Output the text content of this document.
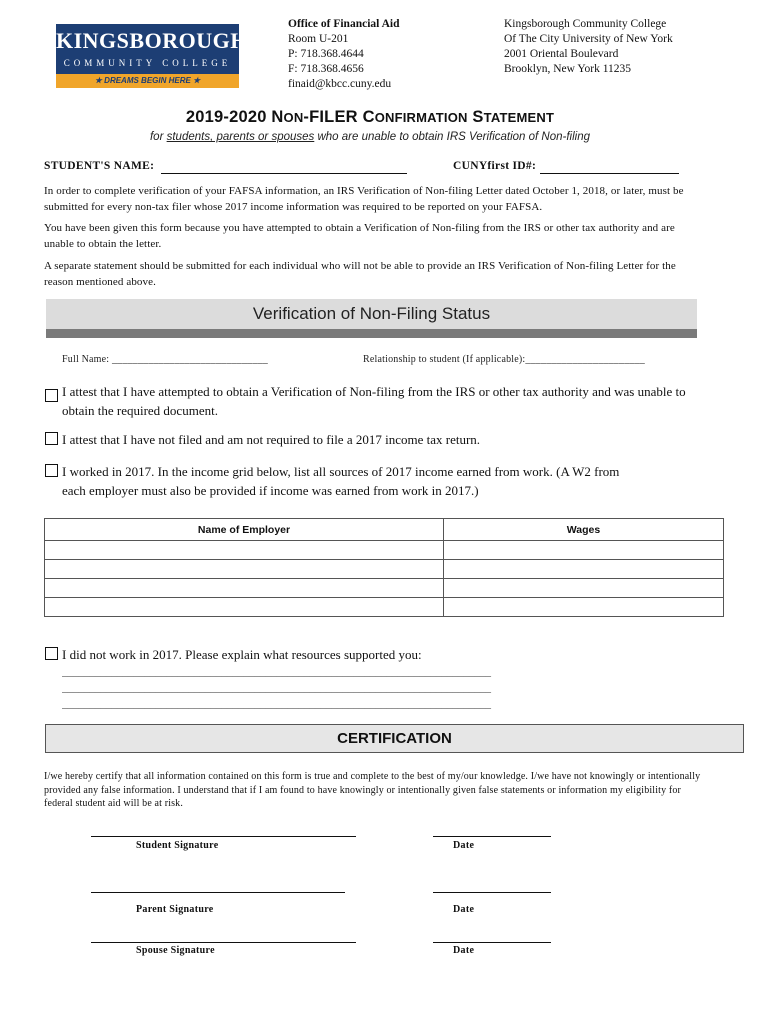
KINGSBOROUGH
COMMUNITY COLLEGE
★ DREAMS BEGIN HERE ★
Office of Financial Aid
Room U-201
P: 718.368.4644
F: 718.368.4656
finaid@kbcc.cuny.edu
Kingsborough Community College
Of The City University of New York
2001 Oriental Boulevard
Brooklyn, New York 11235
2019-2020 NON-FILER CONFIRMATION STATEMENT
for students, parents or spouses who are unable to obtain IRS Verification of Non-filing
STUDENT'S NAME:	CUNYfirst ID#:
In order to complete verification of your FAFSA information, an IRS Verification of Non-filing Letter dated October 1, 2018, or later, must be submitted for every non-tax filer whose 2017 income information was required to be reported on your FAFSA.
You have been given this form because you have attempted to obtain a Verification of Non-filing from the IRS or other tax authority and are unable to obtain the letter.
A separate statement should be submitted for each individual who will not be able to provide an IRS Verification of Non-filing Letter for the reason mentioned above.
Verification of Non-Filing Status
Full Name: ______________________________	Relationship to student (If applicable):_______________________
I attest that I have attempted to obtain a Verification of Non-filing from the IRS or other tax authority and was unable to obtain the required document.
I attest that I have not filed and am not required to file a 2017 income tax return.
I worked in 2017. In the income grid below, list all sources of 2017 income earned from work. (A W2 from each employer must also be provided if income was earned from work in 2017.)
Name of Employer	Wages

I did not work in 2017. Please explain what resources supported you:
______________________________________________________________________________
______________________________________________________________________________
______________________________________________________________________________
CERTIFICATION
I/we hereby certify that all information contained on this form is true and complete to the best of my/our knowledge. I/we have not knowingly or intentionally provided any false information. I understand that if I am found to have knowingly or intentionally given false statements or information my eligibility for federal student aid will be at risk.
Student Signature	Date
Parent Signature	Date
Spouse Signature	Date
